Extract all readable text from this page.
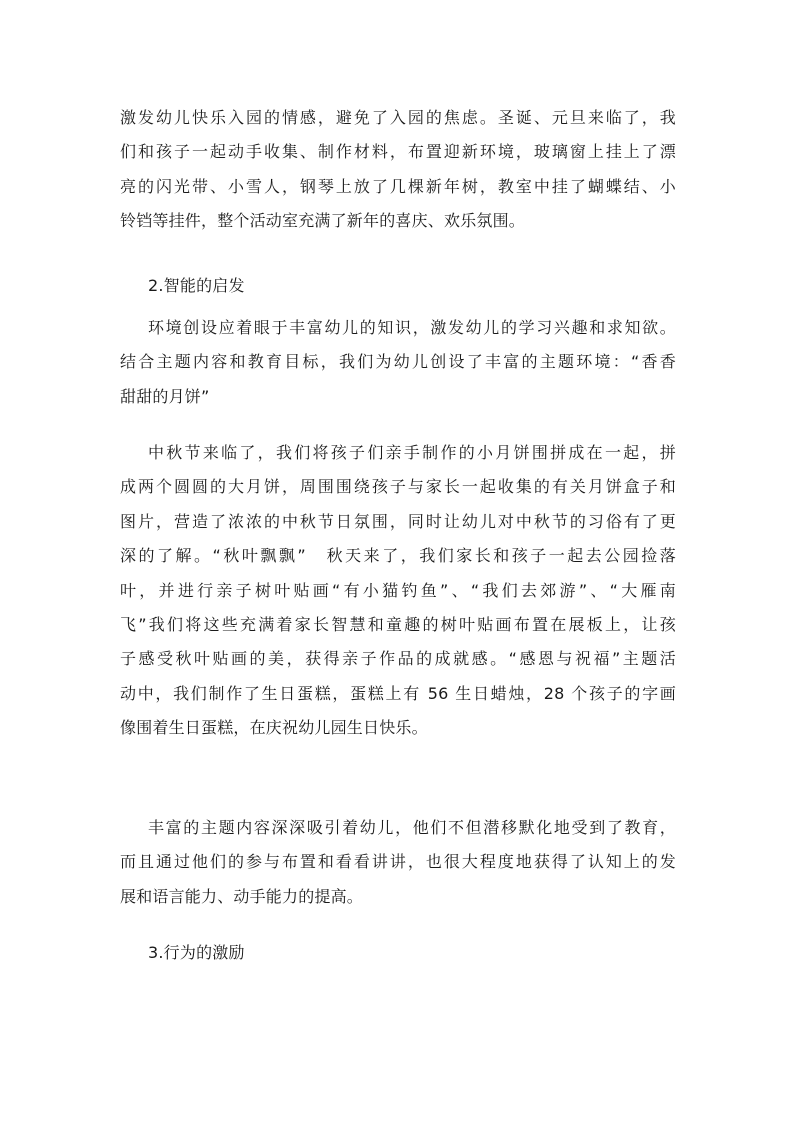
激发幼儿快乐入园的情感，避免了入园的焦虑。圣诞、元旦来临了，我
们和孩子一起动手收集、制作材料，布置迎新环境，玻璃窗上挂上了漂
亮的闪光带、小雪人，钢琴上放了几棵新年树，教室中挂了蝴蝶结、小
铃铛等挂件，整个活动室充满了新年的喜庆、欢乐氛围。

2.智能的启发

环境创设应着眼于丰富幼儿的知识，激发幼儿的学习兴趣和求知欲。
结合主题内容和教育目标，我们为幼儿创设了丰富的主题环境：“香香
甜甜的月饼”

中秋节来临了，我们将孩子们亲手制作的小月饼围拼成在一起，拼
成两个圆圆的大月饼，周围围绕孩子与家长一起收集的有关月饼盒子和
图片，营造了浓浓的中秋节日氛围，同时让幼儿对中秋节的习俗有了更
深的了解。“秋叶飘飘”　秋天来了，我们家长和孩子一起去公园捡落
叶，并进行亲子树叶贴画“有小猫钓鱼”、“我们去郊游”、“大雁南
飞”我们将这些充满着家长智慧和童趣的树叶贴画布置在展板上，让孩
子感受秋叶贴画的美，获得亲子作品的成就感。“感恩与祝福”主题活
动中，我们制作了生日蛋糕，蛋糕上有 56 生日蜡烛，28 个孩子的字画
像围着生日蛋糕，在庆祝幼儿园生日快乐。

丰富的主题内容深深吸引着幼儿，他们不但潜移默化地受到了教育，
而且通过他们的参与布置和看看讲讲，也很大程度地获得了认知上的发
展和语言能力、动手能力的提高。

3.行为的激励
